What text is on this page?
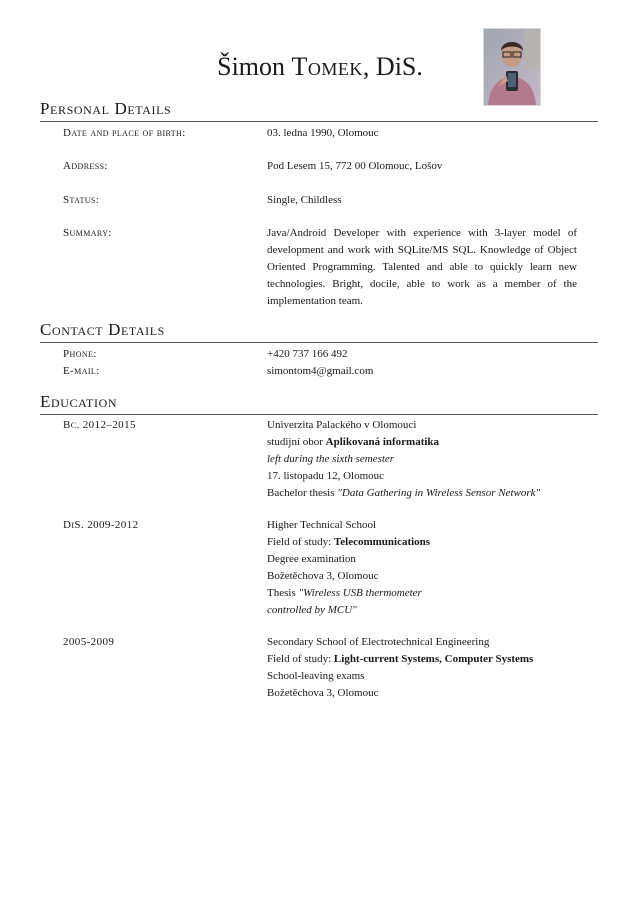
Šimon Tomek, DiS.
Personal Details
Date and place of birth:	03. ledna 1990, Olomouc
Address:	Pod Lesem 15, 772 00 Olomouc, Lošov
Status:	Single, Childless
Summary:	Java/Android Developer with experience with 3-layer model of development and work with SQLite/MS SQL. Knowledge of Object Oriented Programming. Talented and able to quickly learn new technologies. Bright, docile, able to work as a member of the implementation team.
Contact Details
Phone:	+420 737 166 492
E-mail:	simontom4@gmail.com
Education
Bc. 2012–2015	Univerzita Palackého v Olomouci
studijní obor Aplikovaná informatika
left during the sixth semester
17. listopadu 12, Olomouc
Bachelor thesis "Data Gathering in Wireless Sensor Network"
DiS. 2009-2012	Higher Technical School
Field of study: Telecommunications
Degree examination
Božetěchova 3, Olomouc
Thesis "Wireless USB thermometer
controlled by MCU"
2005-2009	Secondary School of Electrotechnical Engineering
Field of study: Light-current Systems, Computer Systems
School-leaving exams
Božetěchova 3, Olomouc
